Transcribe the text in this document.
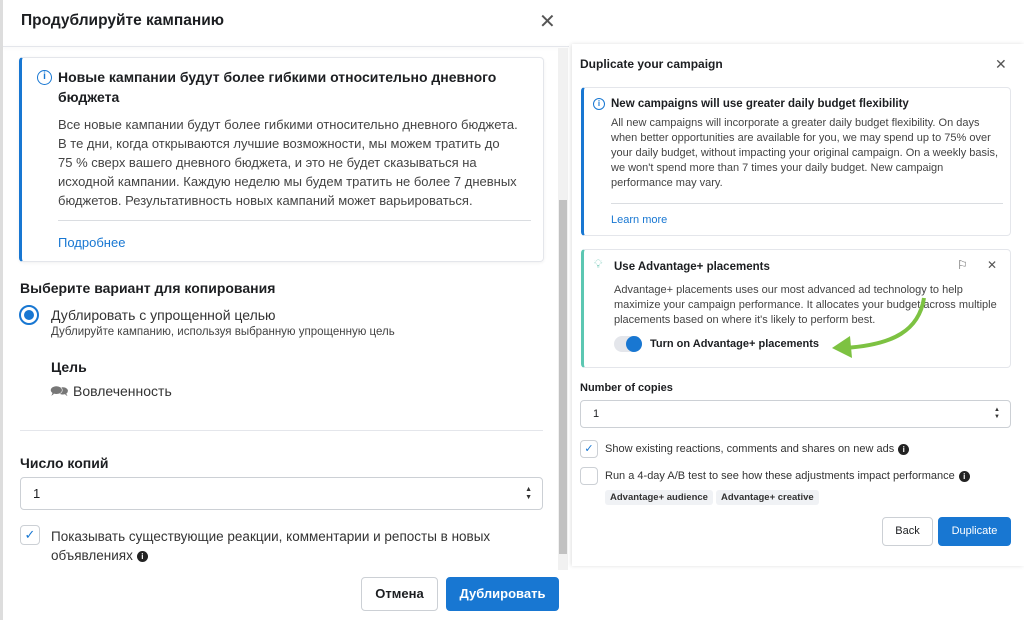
Продублируйте кампанию	✕
i Новые кампании будут более гибкими относительно дневного
бюджета
Все новые кампании будут более гибкими относительно дневного бюджета.
В те дни, когда открываются лучшие возможности, мы можем тратить до
75 % сверх вашего дневного бюджета, и это не будет сказываться на
исходной кампании. Каждую неделю мы будем тратить не более 7 дневных
бюджетов. Результативность новых кампаний может варьироваться.
Подробнее
Выберите вариант для копирования
Дублировать с упрощенной целью
Дублируйте кампанию, используя выбранную упрощенную цель
Цель
🗪 Вовлеченность
Число копий
1	▲
▼
✓	Показывать существующие реакции, комментарии и репосты в новых
объявлениях i
Отмена	Дублировать
Duplicate your campaign	✕
i New campaigns will use greater daily budget flexibility
All new campaigns will incorporate a greater daily budget flexibility. On days
when better opportunities are available for you, we may spend up to 75% over
your daily budget, without impacting your original campaign. On a weekly basis,
we won't spend more than 7 times your daily budget. New campaign
performance may vary.
Learn more
💡︎ Use Advantage+ placements	⚐ ✕
Advantage+ placements uses our most advanced ad technology to help
maximize your campaign performance. It allocates your budget across multiple
placements based on where it's likely to perform best.
Turn on Advantage+ placements
Number of copies
1	▲
▼
✓	Show existing reactions, comments and shares on new ads i
Run a 4-day A/B test to see how these adjustments impact performance i
Advantage+ audience	Advantage+ creative
Back	Duplicate
